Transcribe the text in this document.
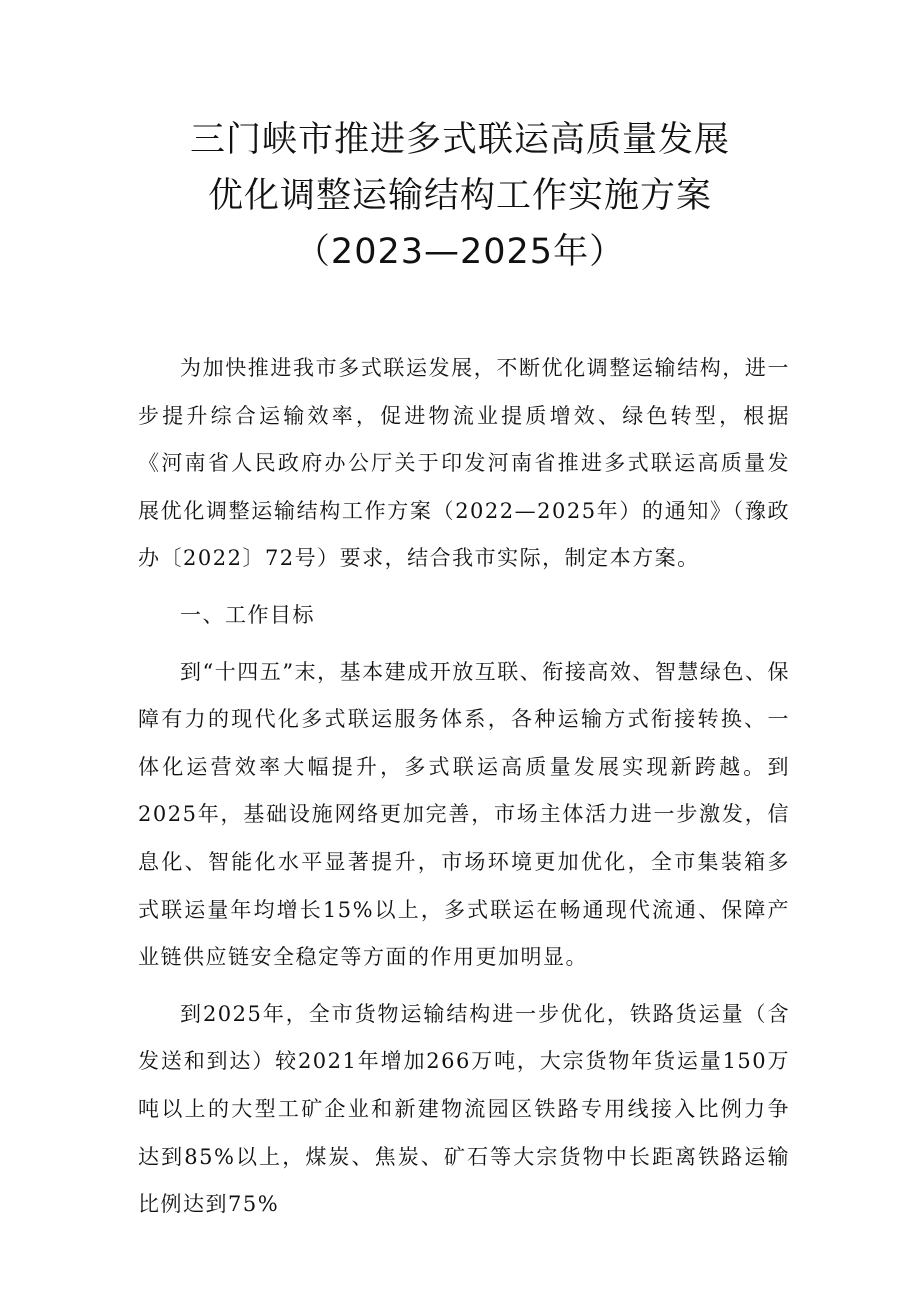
三门峡市推进多式联运高质量发展
优化调整运输结构工作实施方案
（2023—2025年）

为加快推进我市多式联运发展，不断优化调整运输结构，进一步提升综合运输效率，促进物流业提质增效、绿色转型，根据《河南省人民政府办公厅关于印发河南省推进多式联运高质量发展优化调整运输结构工作方案（2022—2025年）的通知》（豫政办〔2022〕72号）要求，结合我市实际，制定本方案。

一、工作目标

到“十四五”末，基本建成开放互联、衔接高效、智慧绿色、保障有力的现代化多式联运服务体系，各种运输方式衔接转换、一体化运营效率大幅提升，多式联运高质量发展实现新跨越。到2025年，基础设施网络更加完善，市场主体活力进一步激发，信息化、智能化水平显著提升，市场环境更加优化，全市集装箱多式联运量年均增长15%以上，多式联运在畅通现代流通、保障产业链供应链安全稳定等方面的作用更加明显。

到2025年，全市货物运输结构进一步优化，铁路货运量（含发送和到达）较2021年增加266万吨，大宗货物年货运量150万吨以上的大型工矿企业和新建物流园区铁路专用线接入比例力争达到85%以上，煤炭、焦炭、矿石等大宗货物中长距离铁路运输比例达到75%
